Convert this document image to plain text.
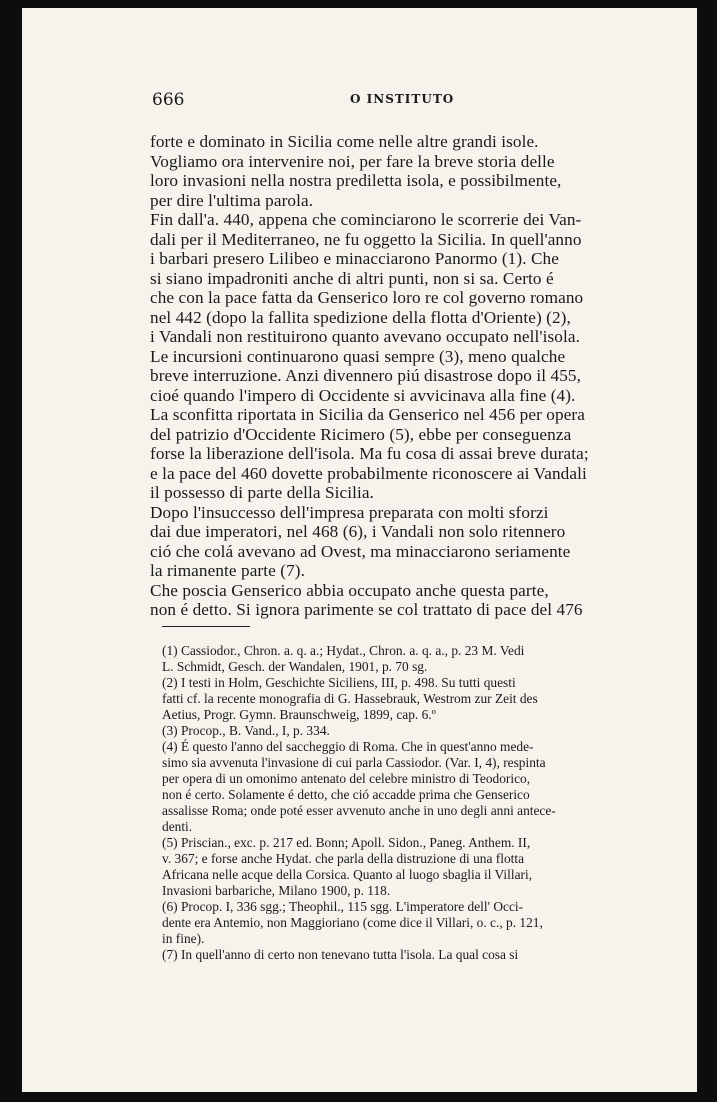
666	O INSTITUTO
forte e dominato in Sicilia come nelle altre grandi isole.
Vogliamo ora intervenire noi, per fare la breve storia delle
loro invasioni nella nostra prediletta isola, e possibilmente,
per dire l'ultima parola.
Fin dall'a. 440, appena che cominciarono le scorrerie dei Van-
dali per il Mediterraneo, ne fu oggetto la Sicilia. In quell'anno
i barbari presero Lilibeo e minacciarono Panormo (1). Che
si siano impadroniti anche di altri punti, non si sa. Certo é
che con la pace fatta da Genserico loro re col governo romano
nel 442 (dopo la fallita spedizione della flotta d'Oriente) (2),
i Vandali non restituirono quanto avevano occupato nell'isola.
Le incursioni continuarono quasi sempre (3), meno qualche
breve interruzione. Anzi divennero piú disastrose dopo il 455,
cioé quando l'impero di Occidente si avvicinava alla fine (4).
La sconfitta riportata in Sicilia da Genserico nel 456 per opera
del patrizio d'Occidente Ricimero (5), ebbe per conseguenza
forse la liberazione dell'isola. Ma fu cosa di assai breve durata;
e la pace del 460 dovette probabilmente riconoscere ai Vandali
il possesso di parte della Sicilia.
Dopo l'insuccesso dell'impresa preparata con molti sforzi
dai due imperatori, nel 468 (6), i Vandali non solo ritennero
ció che colá avevano ad Ovest, ma minacciarono seriamente
la rimanente parte (7).
Che poscia Genserico abbia occupato anche questa parte,
non é detto. Si ignora parimente se col trattato di pace del 476
(1) Cassiodor., Chron. a. q. a.; Hydat., Chron. a. q. a., p. 23 M. Vedi
L. Schmidt, Gesch. der Wandalen, 1901, p. 70 sg.
(2) I testi in Holm, Geschichte Siciliens, III, p. 498. Su tutti questi
fatti cf. la recente monografia di G. Hassebrauk, Westrom zur Zeit des
Aetius, Progr. Gymn. Braunschweig, 1899, cap. 6.º
(3) Procop., B. Vand., I, p. 334.
(4) É questo l'anno del saccheggio di Roma. Che in quest'anno mede-
simo sia avvenuta l'invasione di cui parla Cassiodor. (Var. I, 4), respinta
per opera di un omonimo antenato del celebre ministro di Teodorico,
non é certo. Solamente é detto, che ció accadde prima che Genserico
assalisse Roma; onde poté esser avvenuto anche in uno degli anni antece-
denti.
(5) Priscian., exc. p. 217 ed. Bonn; Apoll. Sidon., Paneg. Anthem. II,
v. 367; e forse anche Hydat. che parla della distruzione di una flotta
Africana nelle acque della Corsica. Quanto al luogo sbaglia il Villari,
Invasioni barbariche, Milano 1900, p. 118.
(6) Procop. I, 336 sgg.; Theophil., 115 sgg. L'imperatore dell' Occi-
dente era Antemio, non Maggioriano (come dice il Villari, o. c., p. 121,
in fine).
(7) In quell'anno di certo non tenevano tutta l'isola. La qual cosa si
